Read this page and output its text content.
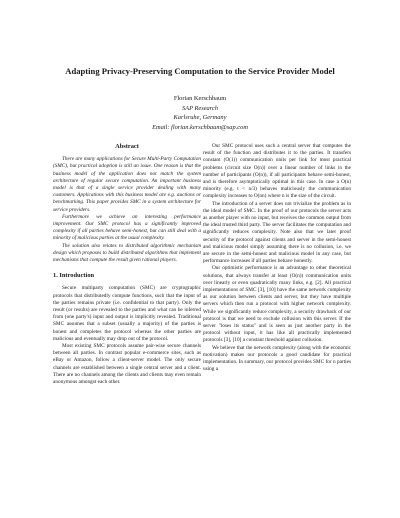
Adapting Privacy-Preserving Computation to the Service Provider Model
Florian Kerschbaum
SAP Research
Karlsruhe, Germany
Email: florian.kerschbaum@sap.com
Abstract

There are many applications for Secure Multi-Party Computation (SMC), but practical adoption is still an issue. One reason is that the business model of the application does not match the system architecture of regular secure computation. An important business model is that of a single service provider dealing with many customers. Applications with this business model are e.g. auctions or benchmarking. This paper provides SMC in a system architecture for service providers.

Furthermore we achieve an interesting performance improvement. Our SMC protocol has a significantly improved complexity if all parties behave semi-honest, but can still deal with a minority of malicious parties at the usual complexity.

The solution also relates to distributed algorithmic mechanism design which proposes to build distributed algorithms that implement mechanisms that compute the result given rational players.

1. Introduction

Secure multiparty computation (SMC) are cryptographic protocols that distributedly compute functions, such that the input of the parties remains private (i.e. confidential to that party). Only the result (or results) are revealed to the parties and what can be inferred from (one party's) input and output is implicitly revealed. Traditional SMC assumes that a subset (usually a majority) of the parties is honest and completes the protocol whereas the other parties are malicious and eventually may drop out of the protocol.

Most existing SMC protocols assume pair-wise secure channels between all parties. In contrast popular e-commerce sites, such as eBay or Amazon, follow a client-server model. The only secure channels are established between a single central server and a client. There are no channels among the clients and clients may even remain anonymous amongst each other.

Our SMC protocol uses such a central server that computes the result of the function and distributes it to the parties. It transfers constant (O(1)) communication units per link for most practical problems (circuit size O(n)) over a linear number of links in the number of participants (O(n)), if all participants behave semi-honest, and is therefore asymptotically optimal in this case. In case a O(n) minority (e.g. t < n/3) behaves maliciously the communication complexity increases to O(nn) where n is the size of the circuit.

The introduction of a server does not trivialize the problem as in the ideal model of SMC. In the proof of our protocols the server acts as another player with no input, but receives the common output from the ideal trusted third party. The server facilitates the computation and significantly reduces complexity. Note also that we later proof security of the protocol against clients and server in the semi-honest and malicious model simply assuming there is no collusion, i.e. we are secure in the semi-honest and malicious model in any case, but performance increases if all parties behave honestly.

Our optimistic performance is an advantage to other theoretical solutions, that always transfer at least (O(n)) communication units over linearly or even quadratically many links, e.g. [2]. All practical implementations of SMC [3], [10] have the same network complexity as our solution between clients and server, but they have multiple servers which then run a protocol with higher network complexity. While we significantly reduce complexity, a security drawback of our protocol is that we need to exclude collusion with this server. If the server "loses its status" and is seen as just another party in the protocol without input, it has like all practically implemented protocols [3], [10] a constant threshold against collusion.

We believe that the network complexity (along with the economic motivation) makes our protocols a good candidate for practical implementation. In summary, our protocol provides SMC for n parties using a
